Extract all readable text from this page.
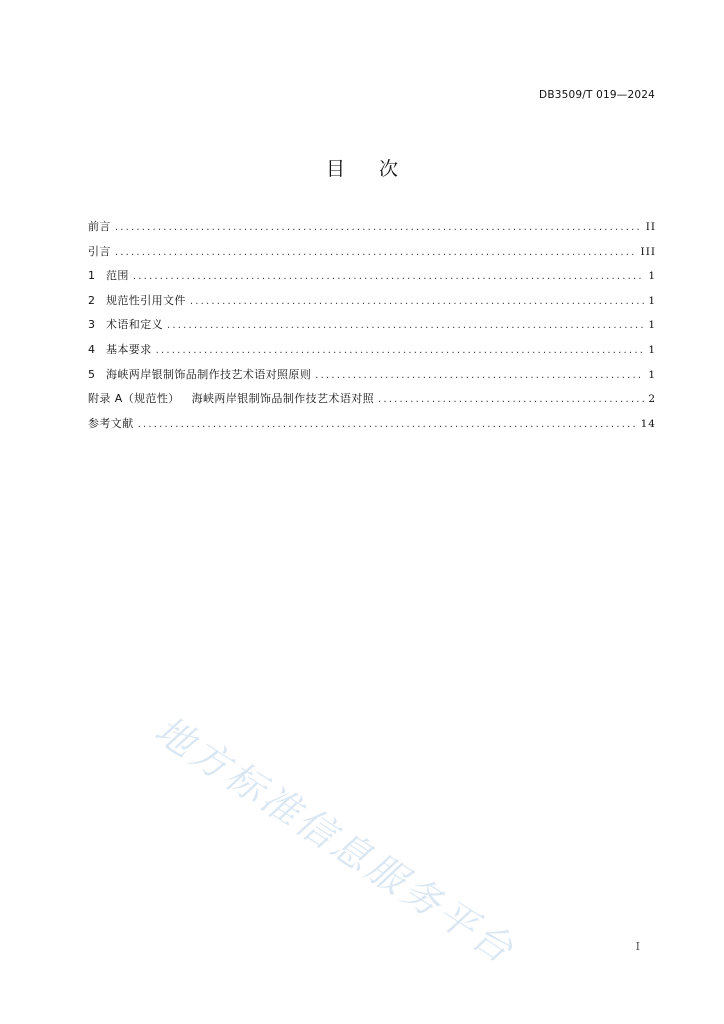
DB3509/T 019—2024
目 次
前言 .....	II
引言 .....	III
1	范围 .....	1
2	规范性引用文件 .....	1
3	术语和定义 .....	1
4	基本要求 .....	1
5	海峡两岸银制饰品制作技艺术语对照原则 .....	1
附录 A（规范性） 海峡两岸银制饰品制作技艺术语对照 .....	2
参考文献 .....	14
地方标准信息服务平台	I
